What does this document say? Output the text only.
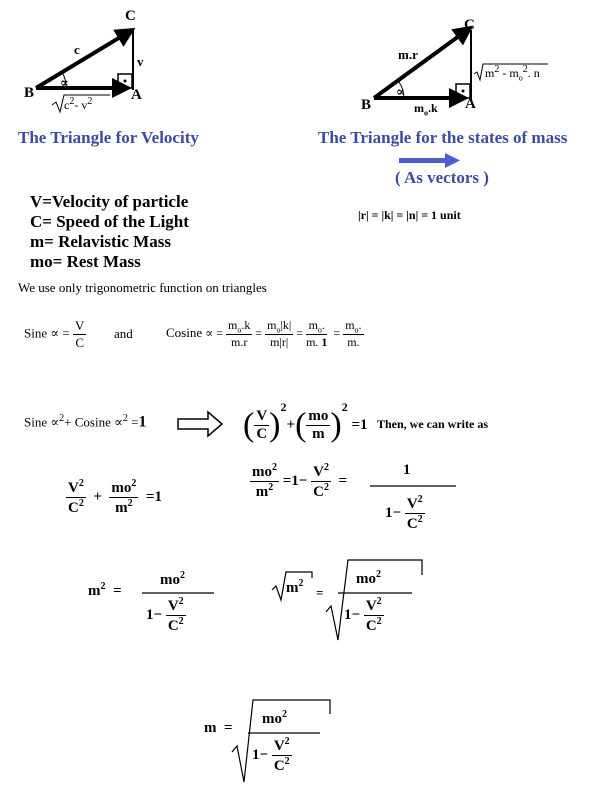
C
B	A
c
v
∝
$c^2-$ $v^2$
C
B	A
m.r
∝
$m_o.k$
$m^2 - m_o^2$. n
The Triangle for Velocity	The Triangle for the states of mass
( As vectors )
|r| = |k| = |n| = 1 unit
V=Velocity of particle
C= Speed of the Light
m= Relavistic Mass
mo= Rest Mass
We use only trigonometric function on triangles
Sine ∝ = $\frac{V}{C}$ and	Cosine ∝ = $\frac{m_o.k}{m.r} = \frac{m_o|k|}{m|r|} = \frac{m_o.}{m. 1} = \frac{m_o.}{m.}$
Sine ∝$^2$+ Cosine ∝$^2$ =1	( $\frac{V}{C} )^2+( \frac{mo}{m} )^2 =1$ Then, we can write as
$\frac{V^2}{C^2} + \frac{mo^2}{m^2} =1$	$\frac{mo^2}{m^2} =1- \frac{V^2}{C^2}$ =
1
$1- \frac{V^2}{C^2}$
$m^2$  =
$mo^2$
$1- \frac{V^2}{C^2}$
$m^2$
=
$mo^2$
$1- \frac{V^2}{C^2}$
m  =
$mo^2$
$1- \frac{V^2}{C^2}$
